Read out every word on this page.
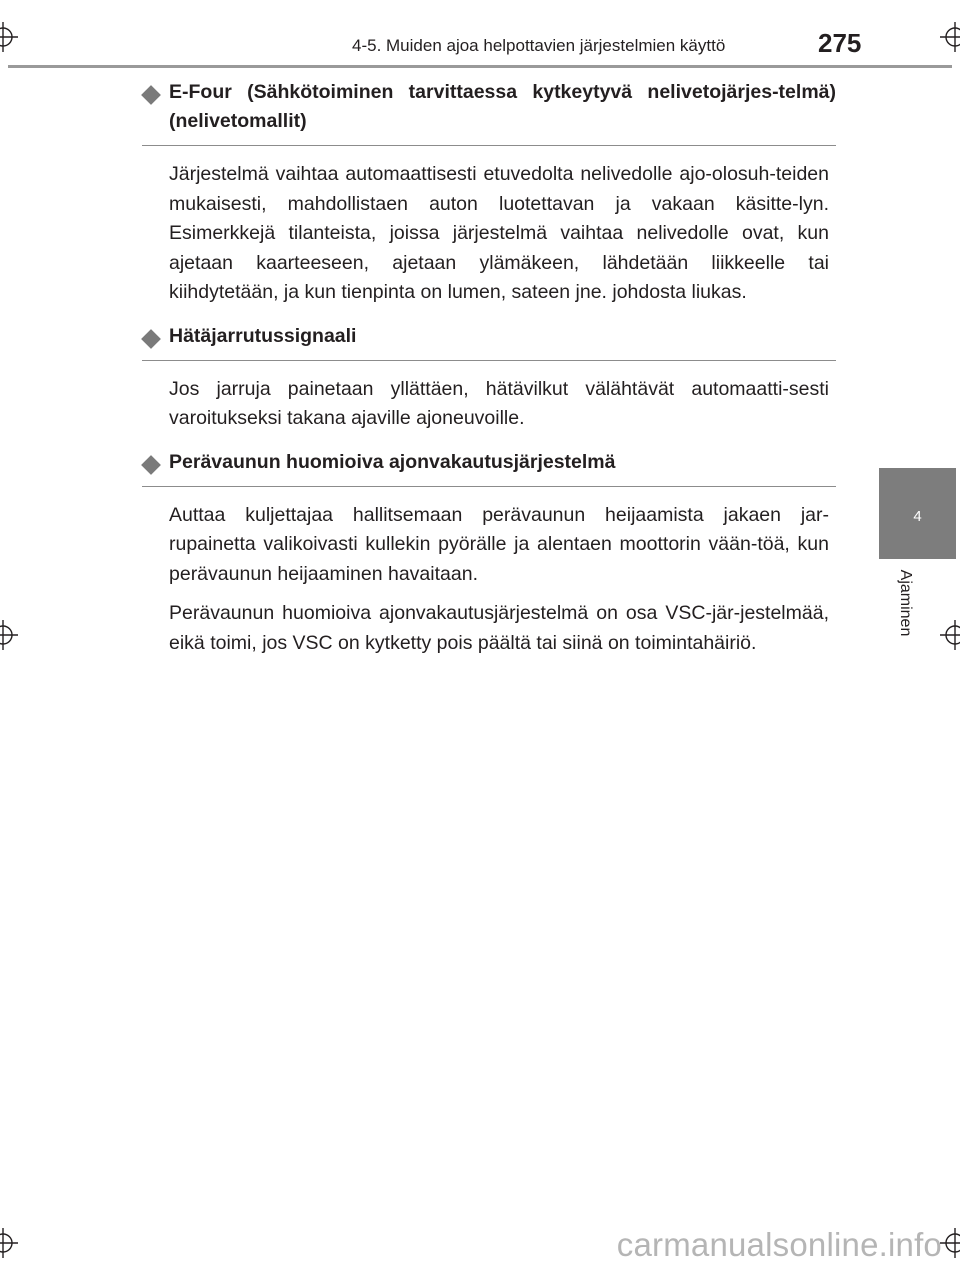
4-5. Muiden ajoa helpottavien järjestelmien käyttö	275
4
Ajaminen
E-Four (Sähkötoiminen tarvittaessa kytkeytyvä nelivetojärjes-telmä) (nelivetomallit)

Järjestelmä vaihtaa automaattisesti etuvedolta nelivedolle ajo-olosuh-teiden mukaisesti, mahdollistaen auton luotettavan ja vakaan käsitte-lyn. Esimerkkejä tilanteista, joissa järjestelmä vaihtaa nelivedolle ovat, kun ajetaan kaarteeseen, ajetaan ylämäkeen, lähdetään liikkeelle tai kiihdytetään, ja kun tienpinta on lumen, sateen jne. johdosta liukas.

Hätäjarrutussignaali

Jos jarruja painetaan yllättäen, hätävilkut välähtävät automaatti-sesti varoitukseksi takana ajaville ajoneuvoille.

Perävaunun huomioiva ajonvakautusjärjestelmä

Auttaa kuljettajaa hallitsemaan perävaunun heijaamista jakaen jar-rupainetta valikoivasti kullekin pyörälle ja alentaen moottorin vään-töä, kun perävaunun heijaaminen havaitaan.

Perävaunun huomioiva ajonvakautusjärjestelmä on osa VSC-jär-jestelmää, eikä toimi, jos VSC on kytketty pois päältä tai siinä on toimintahäiriö.

carmanualsonline.info
